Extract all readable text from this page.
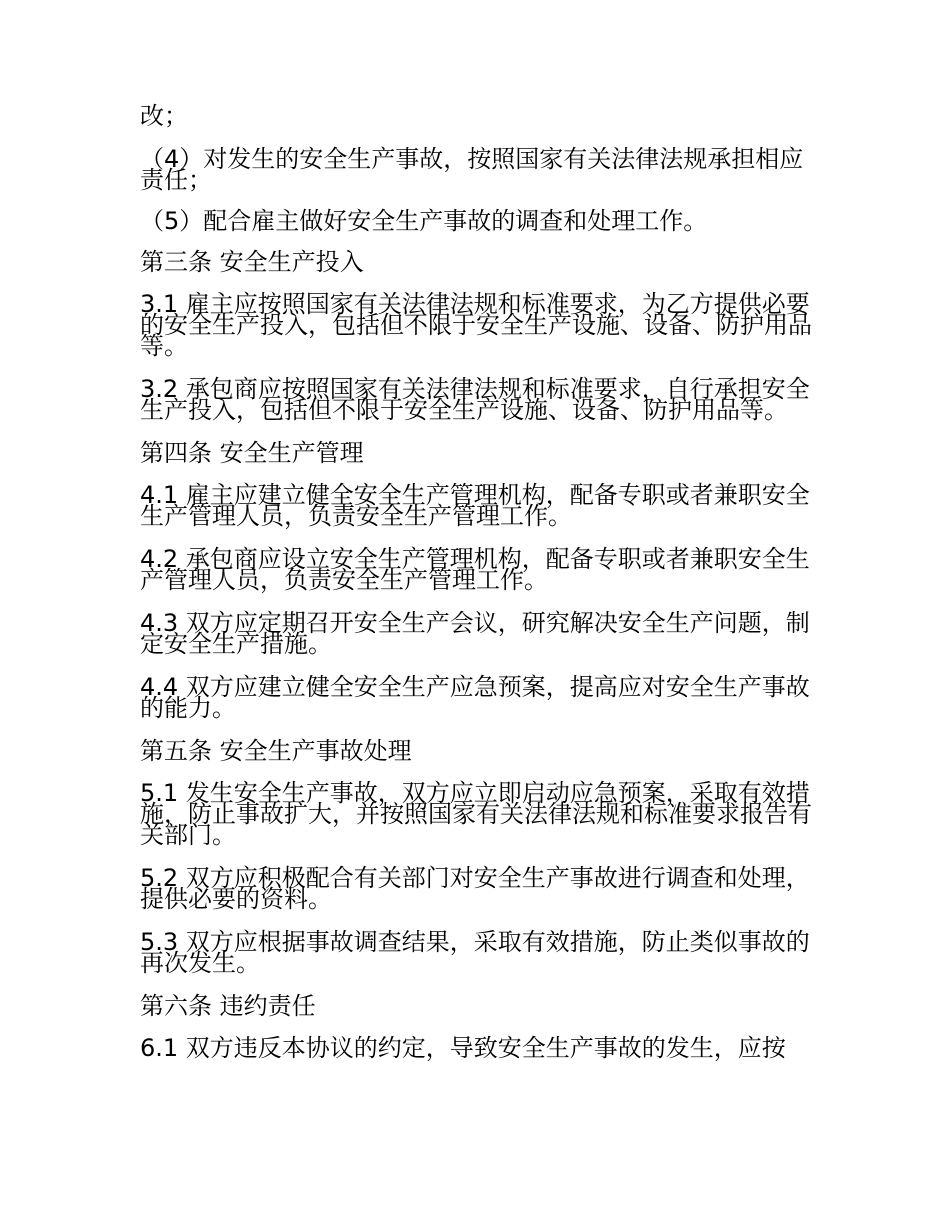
改；

（4）对发生的安全生产事故，按照国家有关法律法规承担相应责任；

（5）配合雇主做好安全生产事故的调查和处理工作。

第三条 安全生产投入

3.1 雇主应按照国家有关法律法规和标准要求，为乙方提供必要的安全生产投入，包括但不限于安全生产设施、设备、防护用品等。

3.2 承包商应按照国家有关法律法规和标准要求，自行承担安全生产投入，包括但不限于安全生产设施、设备、防护用品等。

第四条 安全生产管理

4.1 雇主应建立健全安全生产管理机构，配备专职或者兼职安全生产管理人员，负责安全生产管理工作。

4.2 承包商应设立安全生产管理机构，配备专职或者兼职安全生产管理人员，负责安全生产管理工作。

4.3 双方应定期召开安全生产会议，研究解决安全生产问题，制定安全生产措施。

4.4 双方应建立健全安全生产应急预案，提高应对安全生产事故的能力。

第五条 安全生产事故处理

5.1 发生安全生产事故，双方应立即启动应急预案，采取有效措施，防止事故扩大，并按照国家有关法律法规和标准要求报告有关部门。

5.2 双方应积极配合有关部门对安全生产事故进行调查和处理，提供必要的资料。

5.3 双方应根据事故调查结果，采取有效措施，防止类似事故的再次发生。

第六条 违约责任

6.1 双方违反本协议的约定，导致安全生产事故的发生，应按
